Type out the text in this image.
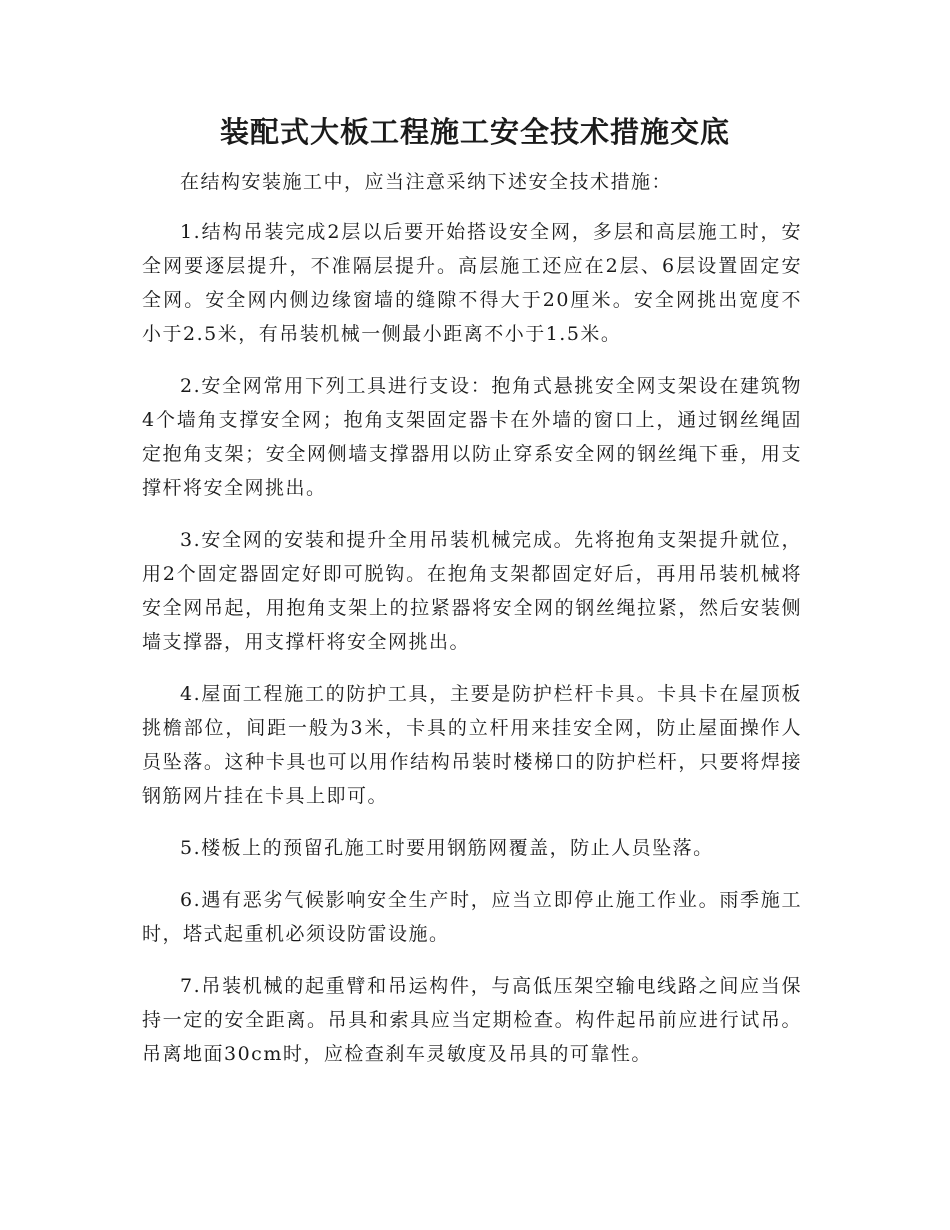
装配式大板工程施工安全技术措施交底

在结构安装施工中，应当注意采纳下述安全技术措施：

1.结构吊装完成2层以后要开始搭设安全网，多层和高层施工时，安全网要逐层提升，不准隔层提升。高层施工还应在2层、6层设置固定安全网。安全网内侧边缘窗墙的缝隙不得大于20厘米。安全网挑出宽度不小于2.5米，有吊装机械一侧最小距离不小于1.5米。

2.安全网常用下列工具进行支设：抱角式悬挑安全网支架设在建筑物4个墙角支撑安全网；抱角支架固定器卡在外墙的窗口上，通过钢丝绳固定抱角支架；安全网侧墙支撑器用以防止穿系安全网的钢丝绳下垂，用支撑杆将安全网挑出。

3.安全网的安装和提升全用吊装机械完成。先将抱角支架提升就位，用2个固定器固定好即可脱钩。在抱角支架都固定好后，再用吊装机械将安全网吊起，用抱角支架上的拉紧器将安全网的钢丝绳拉紧，然后安装侧墙支撑器，用支撑杆将安全网挑出。

4.屋面工程施工的防护工具，主要是防护栏杆卡具。卡具卡在屋顶板挑檐部位，间距一般为3米，卡具的立杆用来挂安全网，防止屋面操作人员坠落。这种卡具也可以用作结构吊装时楼梯口的防护栏杆，只要将焊接钢筋网片挂在卡具上即可。

5.楼板上的预留孔施工时要用钢筋网覆盖，防止人员坠落。

6.遇有恶劣气候影响安全生产时，应当立即停止施工作业。雨季施工时，塔式起重机必须设防雷设施。

7.吊装机械的起重臂和吊运构件，与高低压架空输电线路之间应当保持一定的安全距离。吊具和索具应当定期检查。构件起吊前应进行试吊。吊离地面30cm时，应检查刹车灵敏度及吊具的可靠性。
